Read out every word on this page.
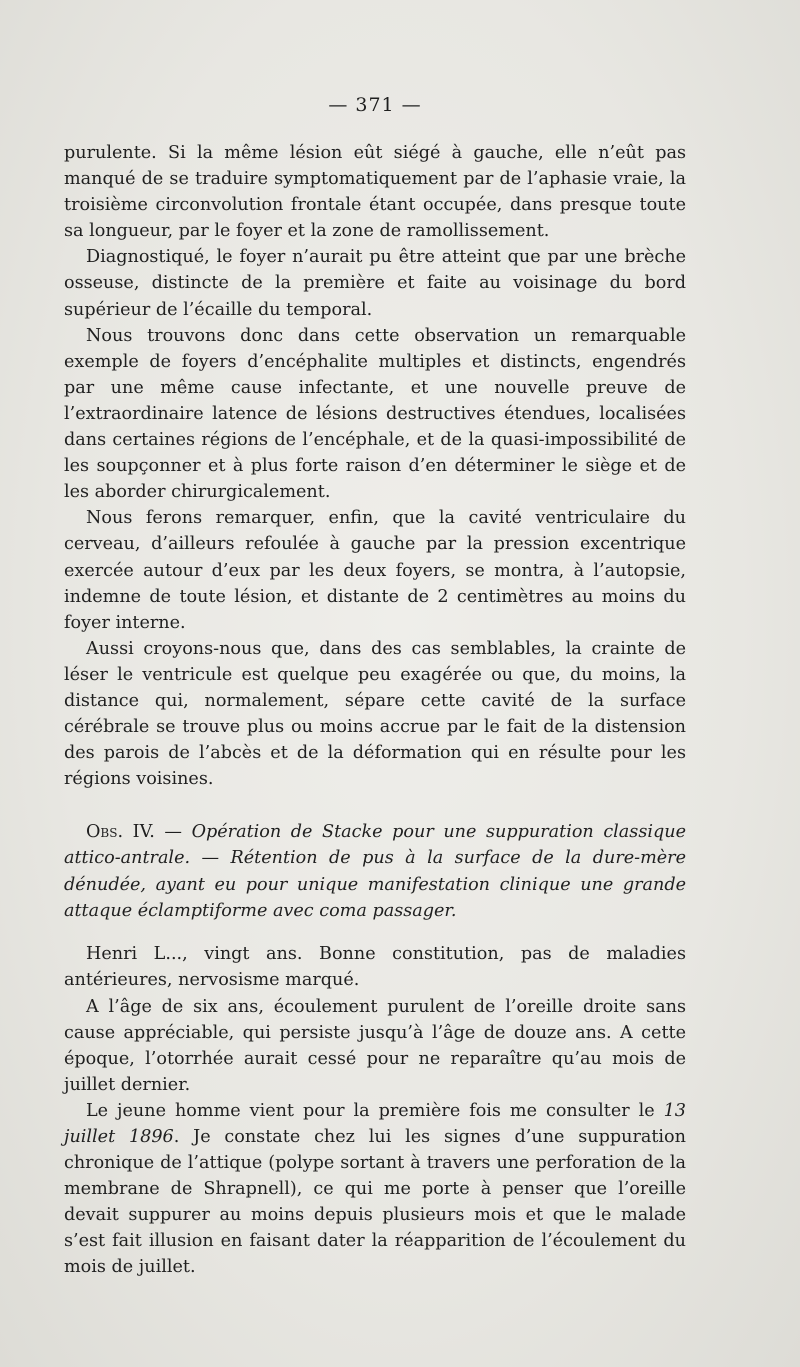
— 371 —

purulente. Si la même lésion eût siégé à gauche, elle n’eût pas manqué de se traduire symptomatiquement par de l’aphasie vraie, la troisième circonvolution frontale étant occupée, dans presque toute sa longueur, par le foyer et la zone de ramollissement.

Diagnostiqué, le foyer n’aurait pu être atteint que par une brèche osseuse, distincte de la première et faite au voisinage du bord supérieur de l’écaille du temporal.

Nous trouvons donc dans cette observation un remarquable exemple de foyers d’encéphalite multiples et distincts, engendrés par une même cause infectante, et une nouvelle preuve de l’extraordinaire latence de lésions destructives étendues, localisées dans certaines régions de l’encéphale, et de la quasi-impossibilité de les soupçonner et à plus forte raison d’en déterminer le siège et de les aborder chirurgicalement.

Nous ferons remarquer, enfin, que la cavité ventriculaire du cerveau, d’ailleurs refoulée à gauche par la pression excentrique exercée autour d’eux par les deux foyers, se montra, à l’autopsie, indemne de toute lésion, et distante de 2 centimètres au moins du foyer interne.

Aussi croyons-nous que, dans des cas semblables, la crainte de léser le ventricule est quelque peu exagérée ou que, du moins, la distance qui, normalement, sépare cette cavité de la surface cérébrale se trouve plus ou moins accrue par le fait de la distension des parois de l’abcès et de la déformation qui en résulte pour les régions voisines.

Obs. IV. — Opération de Stacke pour une suppuration classique attico-antrale. — Rétention de pus à la surface de la dure-mère dénudée, ayant eu pour unique manifestation clinique une grande attaque éclamptiforme avec coma passager.

Henri L..., vingt ans. Bonne constitution, pas de maladies antérieures, nervosisme marqué.

A l’âge de six ans, écoulement purulent de l’oreille droite sans cause appréciable, qui persiste jusqu’à l’âge de douze ans. A cette époque, l’otorrhée aurait cessé pour ne reparaître qu’au mois de juillet dernier.

Le jeune homme vient pour la première fois me consulter le 13 juillet 1896. Je constate chez lui les signes d’une suppuration chronique de l’attique (polype sortant à travers une perforation de la membrane de Shrapnell), ce qui me porte à penser que l’oreille devait suppurer au moins depuis plusieurs mois et que le malade s’est fait illusion en faisant dater la réapparition de l’écoulement du mois de juillet.
